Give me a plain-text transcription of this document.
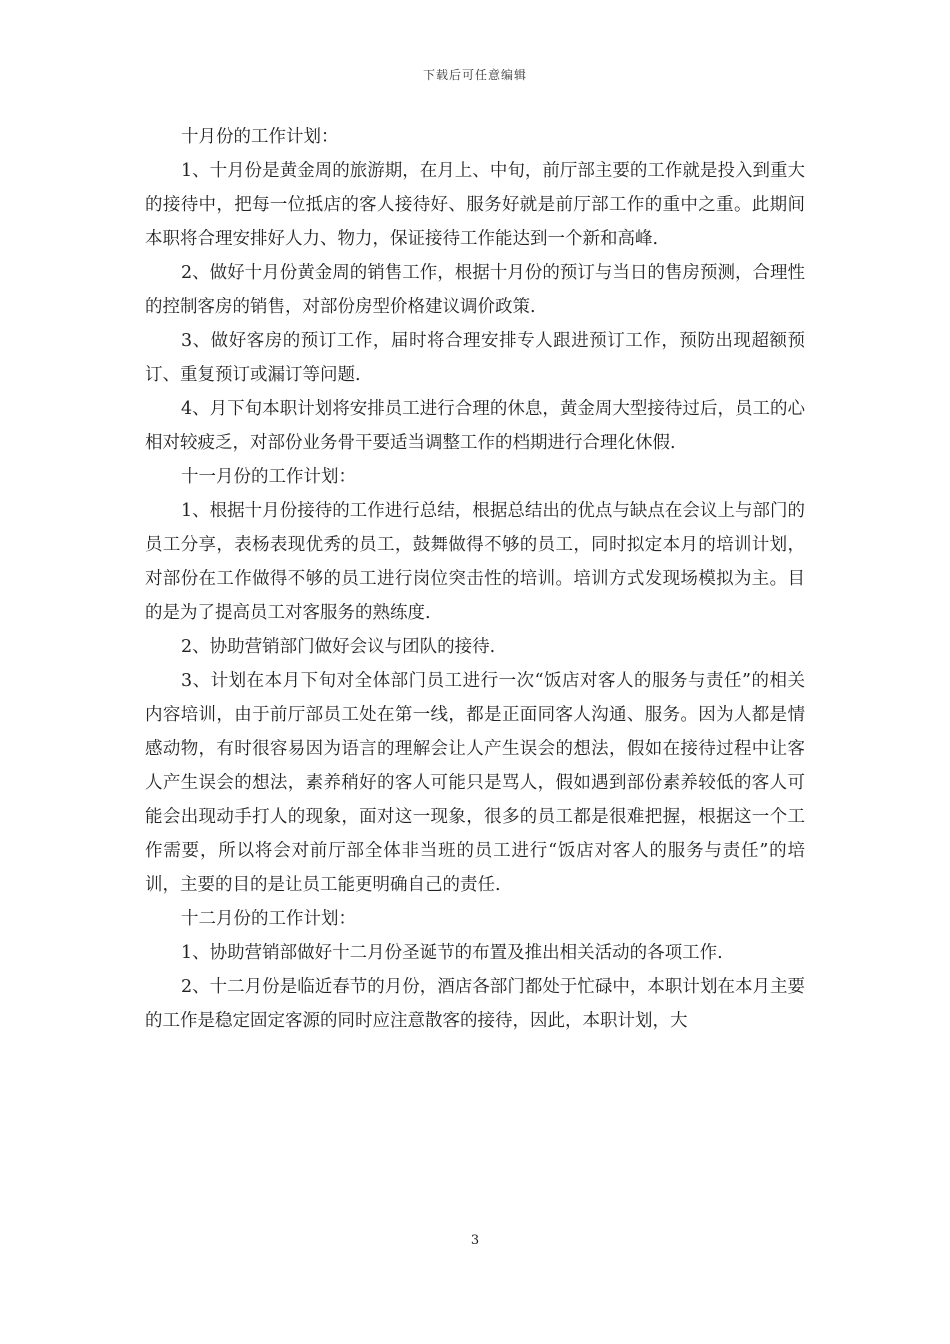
下载后可任意编辑

十月份的工作计划：

1、十月份是黄金周的旅游期，在月上、中旬，前厅部主要的工作就是投入到重大的接待中，把每一位抵店的客人接待好、服务好就是前厅部工作的重中之重。此期间本职将合理安排好人力、物力，保证接待工作能达到一个新和高峰.

2、做好十月份黄金周的销售工作，根据十月份的预订与当日的售房预测，合理性的控制客房的销售，对部份房型价格建议调价政策.

3、做好客房的预订工作，届时将合理安排专人跟进预订工作，预防出现超额预订、重复预订或漏订等问题.

4、月下旬本职计划将安排员工进行合理的休息，黄金周大型接待过后，员工的心相对较疲乏，对部份业务骨干要适当调整工作的档期进行合理化休假.

十一月份的工作计划：

1、根据十月份接待的工作进行总结，根据总结出的优点与缺点在会议上与部门的员工分享，表杨表现优秀的员工，鼓舞做得不够的员工，同时拟定本月的培训计划，对部份在工作做得不够的员工进行岗位突击性的培训。培训方式发现场模拟为主。目的是为了提高员工对客服务的熟练度.

2、协助营销部门做好会议与团队的接待.

3、计划在本月下旬对全体部门员工进行一次“饭店对客人的服务与责任”的相关内容培训，由于前厅部员工处在第一线，都是正面同客人沟通、服务。因为人都是情感动物，有时很容易因为语言的理解会让人产生误会的想法，假如在接待过程中让客人产生误会的想法，素养稍好的客人可能只是骂人，假如遇到部份素养较低的客人可能会出现动手打人的现象，面对这一现象，很多的员工都是很难把握，根据这一个工作需要，所以将会对前厅部全体非当班的员工进行“饭店对客人的服务与责任”的培训，主要的目的是让员工能更明确自己的责任.

十二月份的工作计划：

1、协助营销部做好十二月份圣诞节的布置及推出相关活动的各项工作.

2、十二月份是临近春节的月份，酒店各部门都处于忙碌中，本职计划在本月主要的工作是稳定固定客源的同时应注意散客的接待，因此，本职计划，大

3
